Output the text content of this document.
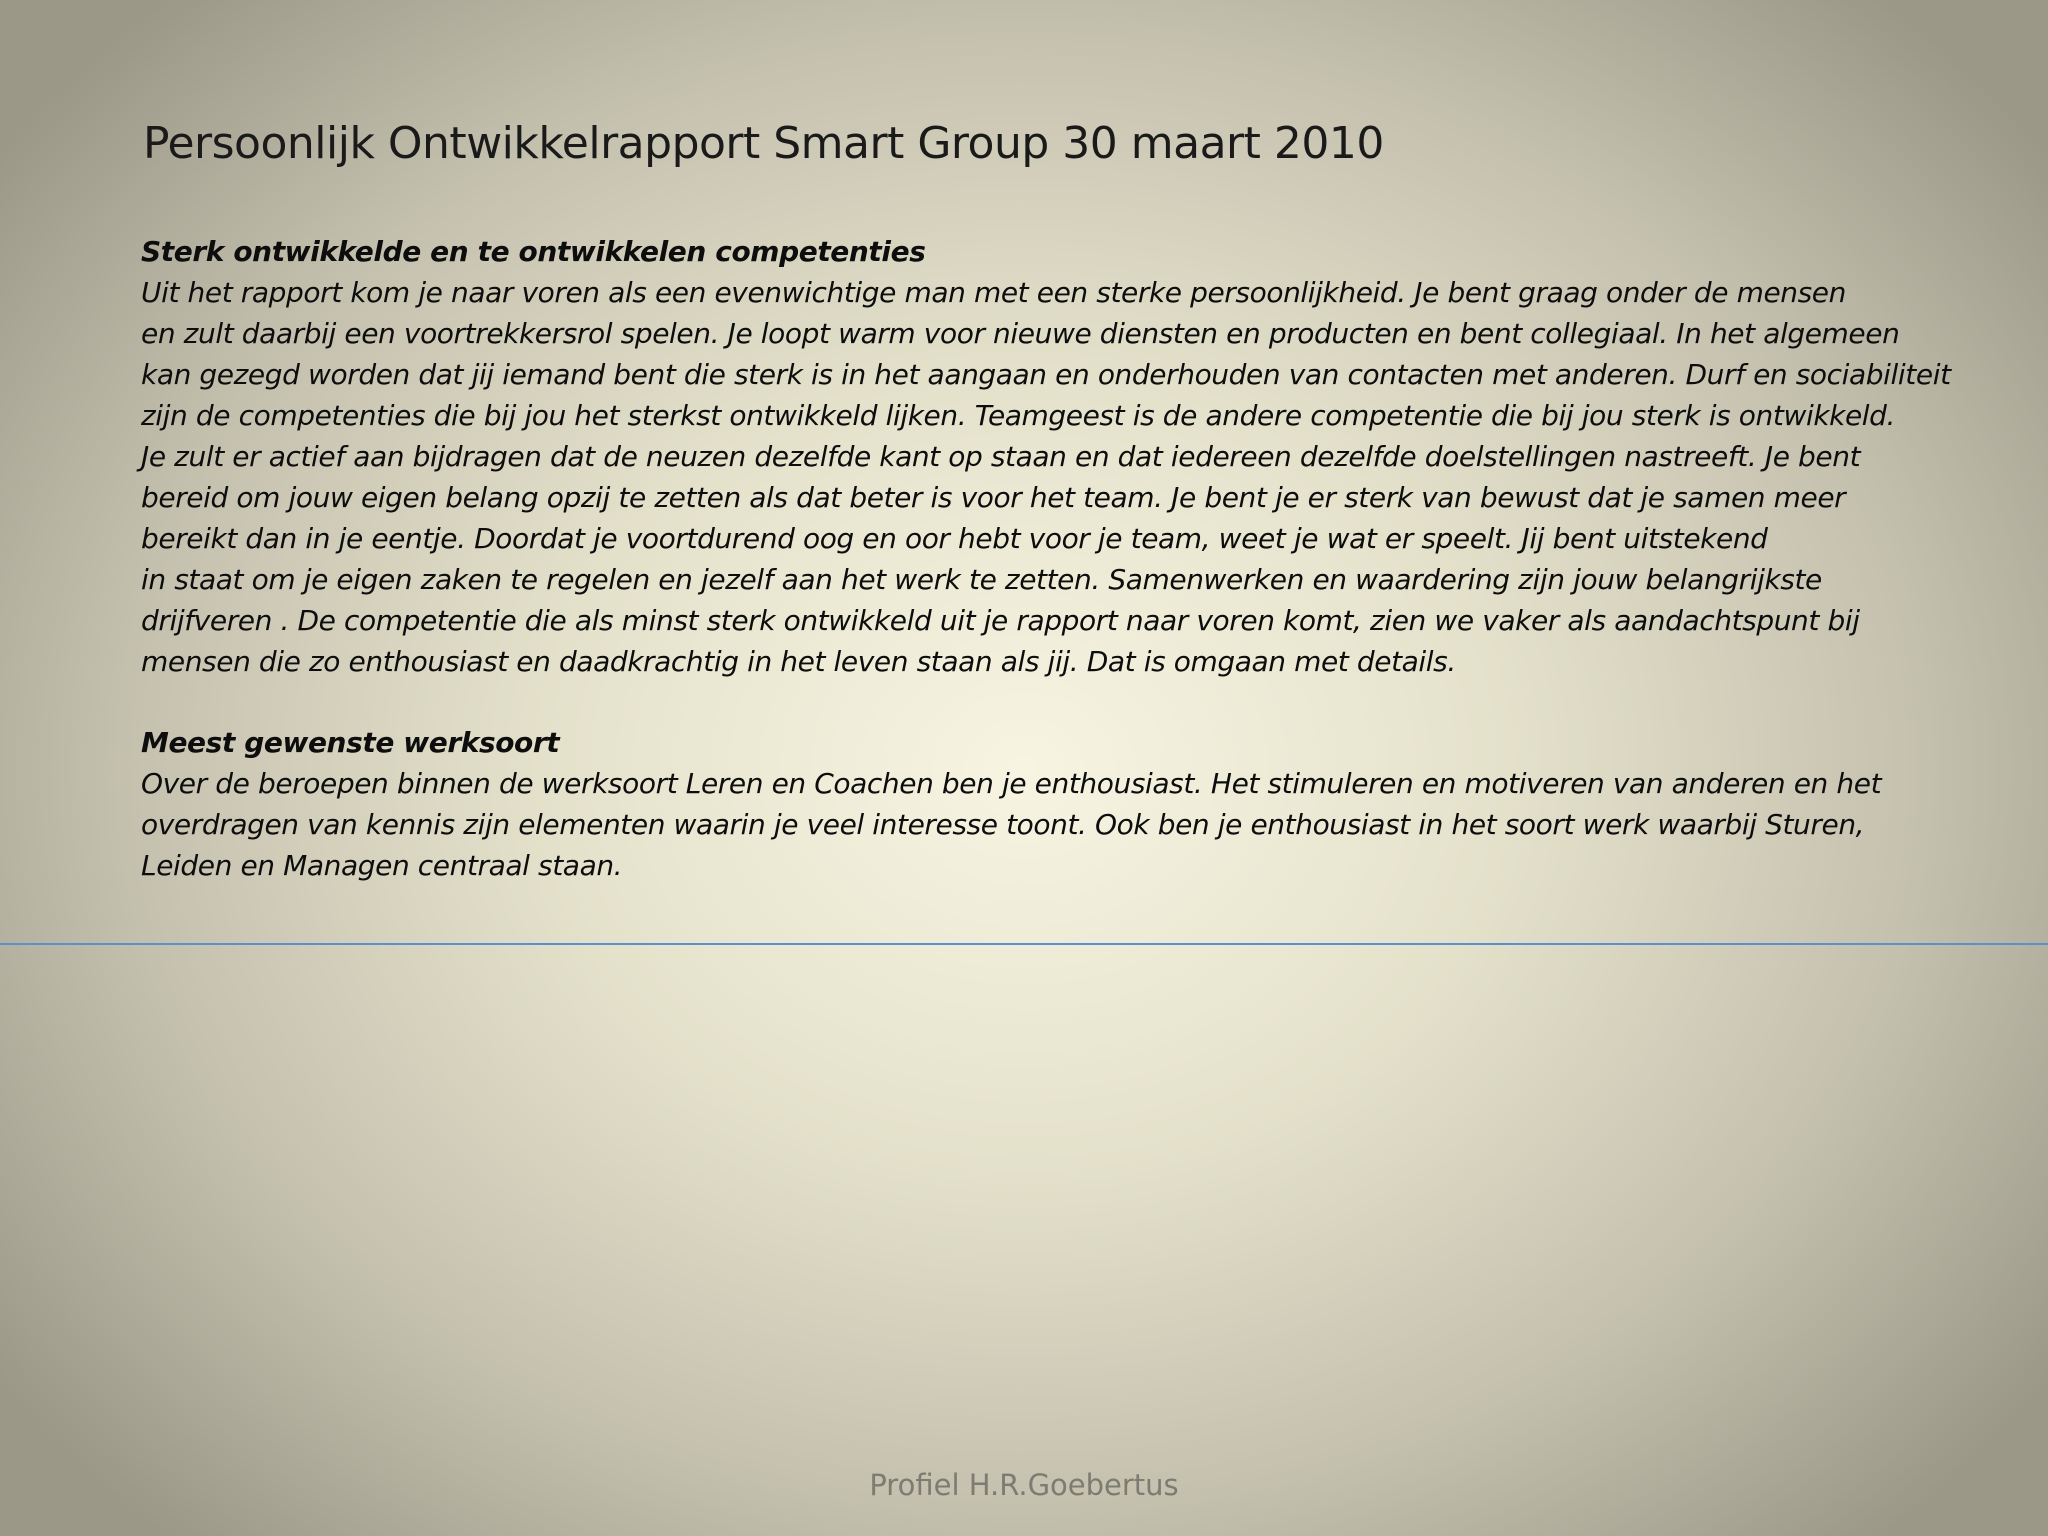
Persoonlijk Ontwikkelrapport Smart Group 30 maart 2010
Sterk ontwikkelde en te ontwikkelen competenties
Uit het rapport kom je naar voren als een evenwichtige man met een sterke persoonlijkheid. Je bent graag onder de mensen
en zult daarbij een voortrekkersrol spelen. Je loopt warm voor nieuwe diensten en producten en bent collegiaal. In het algemeen
kan gezegd worden dat jij iemand bent die sterk is in het aangaan en onderhouden van contacten met anderen. Durf en sociabiliteit
zijn de competenties die bij jou het sterkst ontwikkeld lijken. Teamgeest is de andere competentie die bij jou sterk is ontwikkeld.
Je zult er actief aan bijdragen dat de neuzen dezelfde kant op staan en dat iedereen dezelfde doelstellingen nastreeft. Je bent
bereid om jouw eigen belang opzij te zetten als dat beter is voor het team. Je bent je er sterk van bewust dat je samen meer
bereikt dan in je eentje. Doordat je voortdurend oog en oor hebt voor je team, weet je wat er speelt. Jij bent uitstekend
in staat om je eigen zaken te regelen en jezelf aan het werk te zetten. Samenwerken en waardering zijn jouw belangrijkste
drijfveren . De competentie die als minst sterk ontwikkeld uit je rapport naar voren komt, zien we vaker als aandachtspunt bij
mensen die zo enthousiast en daadkrachtig in het leven staan als jij. Dat is omgaan met details.
Meest gewenste werksoort
Over de beroepen binnen de werksoort Leren en Coachen ben je enthousiast. Het stimuleren en motiveren van anderen en het
overdragen van kennis zijn elementen waarin je veel interesse toont. Ook ben je enthousiast in het soort werk waarbij Sturen,
Leiden en Managen centraal staan.
Profiel H.R.Goebertus
